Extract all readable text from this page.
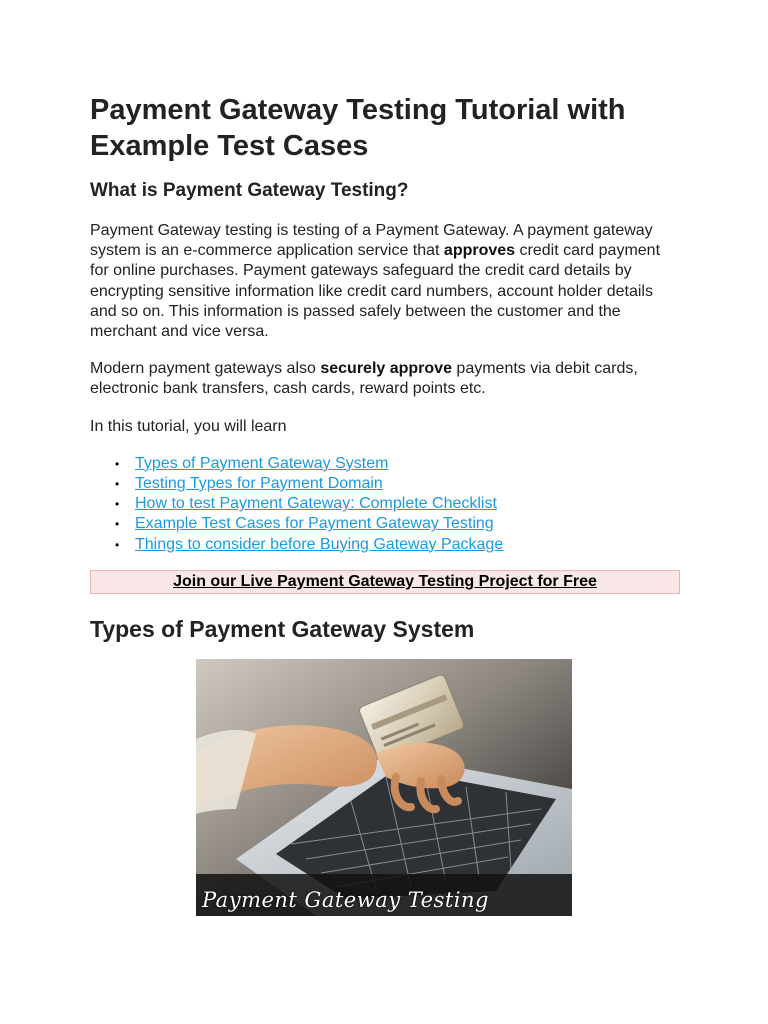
Payment Gateway Testing Tutorial with Example Test Cases
What is Payment Gateway Testing?

Payment Gateway testing is testing of a Payment Gateway. A payment gateway system is an e-commerce application service that approves credit card payment for online purchases. Payment gateways safeguard the credit card details by encrypting sensitive information like credit card numbers, account holder details and so on. This information is passed safely between the customer and the merchant and vice versa.

Modern payment gateways also securely approve payments via debit cards, electronic bank transfers, cash cards, reward points etc.

In this tutorial, you will learn

• Types of Payment Gateway System
• Testing Types for Payment Domain
• How to test Payment Gateway: Complete Checklist
• Example Test Cases for Payment Gateway Testing
• Things to consider before Buying Gateway Package
Join our Live Payment Gateway Testing Project for Free
Types of Payment Gateway System
Payment Gateway Testing
